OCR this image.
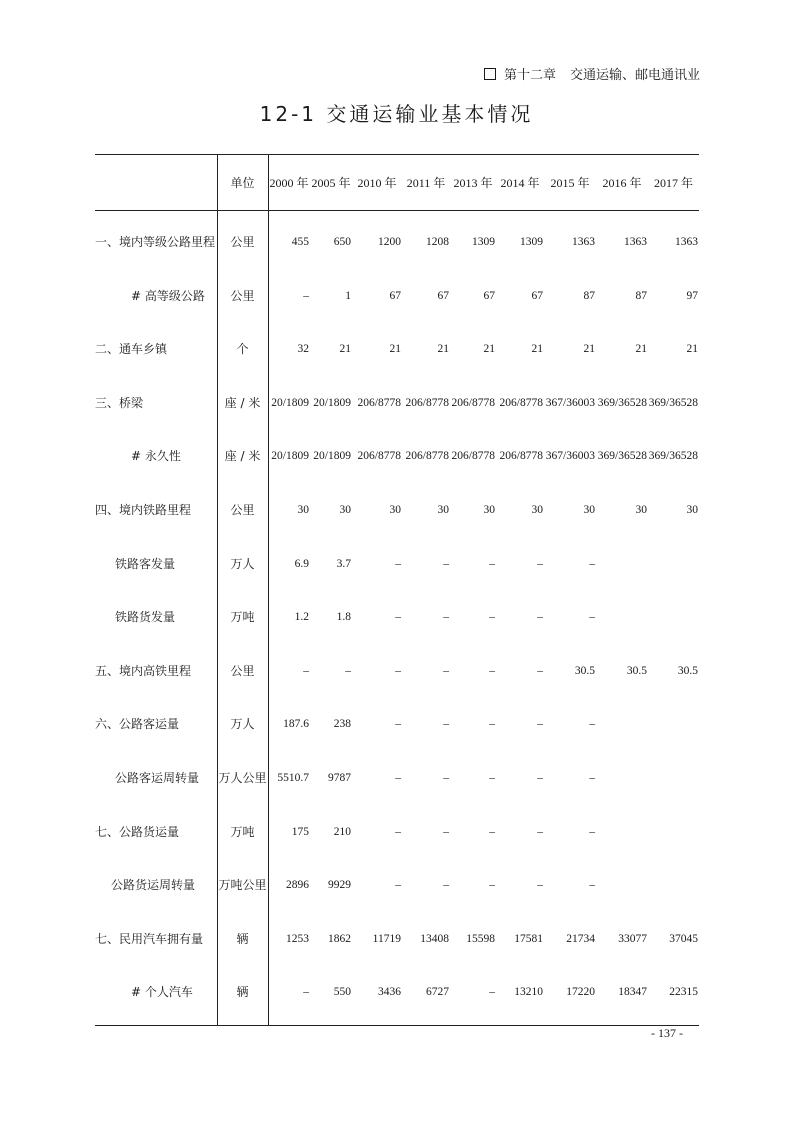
第十二章 交通运输、邮电通讯业
12-1 交通运输业基本情况
单位	2000 年 2005 年 2010 年 2011 年 2013 年 2014 年 2015 年	2016 年	2017 年
一、境内等级公路里程	公里	455	650	1200	1208	1309	1309	1363	1363	1363
# 高等级公路	公里	–	1	67	67	67	67	87	87	97
二、通车乡镇	个	32	21	21	21	21	21	21	21	21
三、桥梁	座 / 米 20/1809 20/1809 206/8778 206/8778 206/8778 206/8778 367/36003 369/36528 369/36528
# 永久性	座 / 米 20/1809 20/1809 206/8778 206/8778 206/8778 206/8778 367/36003 369/36528 369/36528
四、境内铁路里程	公里	30	30	30	30	30	30	30	30	30
铁路客发量	万人	6.9	3.7	–	–	–	–	–
铁路货发量	万吨	1.2	1.8	–	–	–	–	–
五、境内高铁里程	公里	–	–	–	–	–	–	30.5	30.5	30.5
六、公路客运量	万人	187.6	238	–	–	–	–	–
公路客运周转量 万人公里 5510.7	9787	–	–	–	–	–
七、公路货运量	万吨	175	210	–	–	–	–	–
公路货运周转量 万吨公里	2896	9929	–	–	–	–	–
七、民用汽车拥有量	辆	1253	1862	11719	13408	15598	17581	21734	33077	37045
# 个人汽车	辆	–	550	3436	6727	–	13210	17220	18347	22315
- 137 -
